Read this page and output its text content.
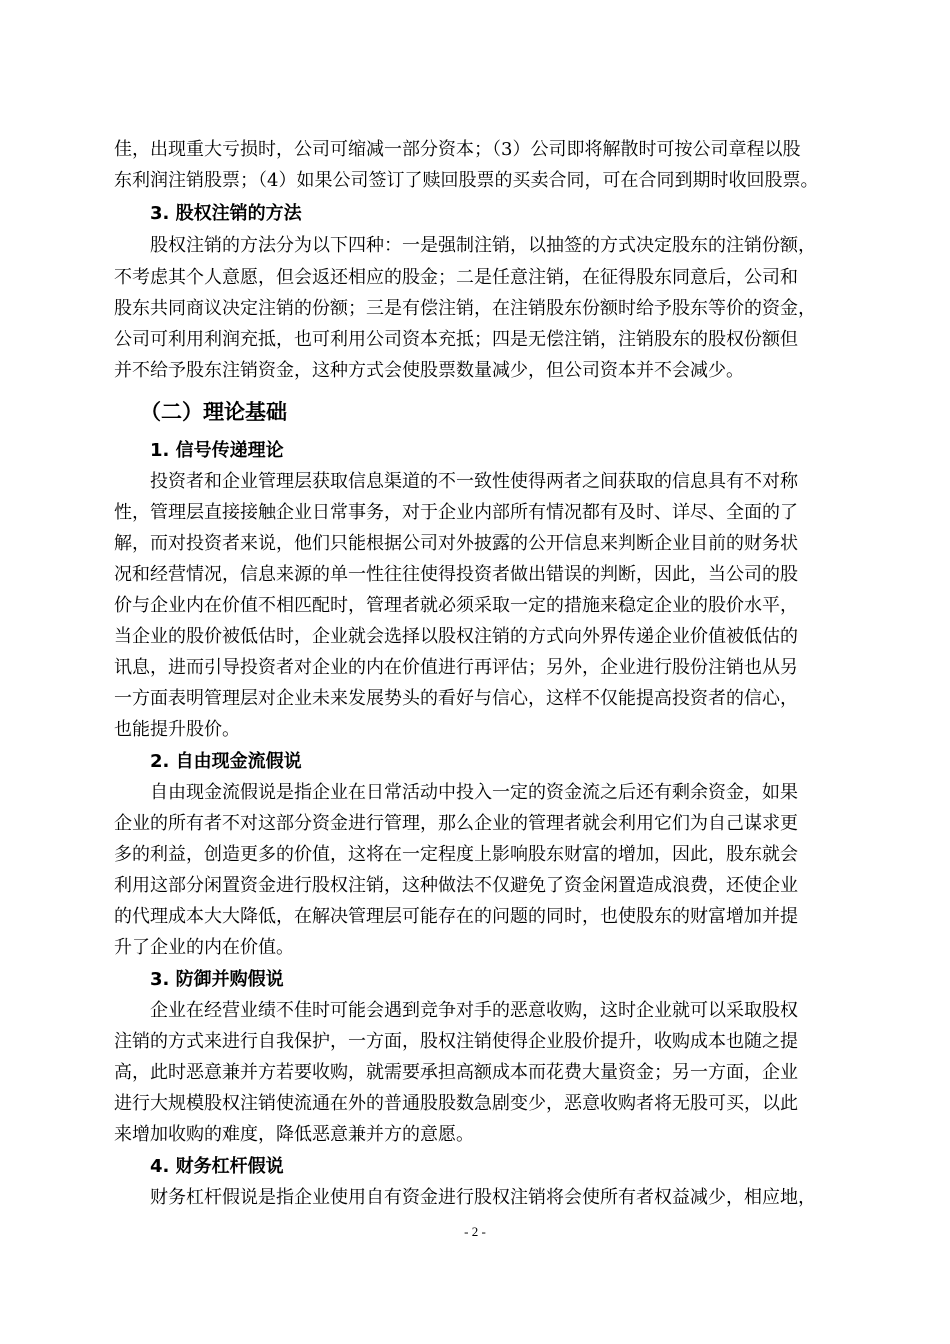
佳，出现重大亏损时，公司可缩减一部分资本；（3）公司即将解散时可按公司章程以股
东利润注销股票；（4）如果公司签订了赎回股票的买卖合同，可在合同到期时收回股票。
3. 股权注销的方法
股权注销的方法分为以下四种：一是强制注销，以抽签的方式决定股东的注销份额，
不考虑其个人意愿，但会返还相应的股金；二是任意注销，在征得股东同意后，公司和
股东共同商议决定注销的份额；三是有偿注销，在注销股东份额时给予股东等价的资金，
公司可利用利润充抵，也可利用公司资本充抵；四是无偿注销，注销股东的股权份额但
并不给予股东注销资金，这种方式会使股票数量减少，但公司资本并不会减少。
（二）理论基础
1. 信号传递理论
投资者和企业管理层获取信息渠道的不一致性使得两者之间获取的信息具有不对称
性，管理层直接接触企业日常事务，对于企业内部所有情况都有及时、详尽、全面的了
解，而对投资者来说，他们只能根据公司对外披露的公开信息来判断企业目前的财务状
况和经营情况，信息来源的单一性往往使得投资者做出错误的判断，因此，当公司的股
价与企业内在价值不相匹配时，管理者就必须采取一定的措施来稳定企业的股价水平，
当企业的股价被低估时，企业就会选择以股权注销的方式向外界传递企业价值被低估的
讯息，进而引导投资者对企业的内在价值进行再评估；另外，企业进行股份注销也从另
一方面表明管理层对企业未来发展势头的看好与信心，这样不仅能提高投资者的信心，
也能提升股价。
2. 自由现金流假说
自由现金流假说是指企业在日常活动中投入一定的资金流之后还有剩余资金，如果
企业的所有者不对这部分资金进行管理，那么企业的管理者就会利用它们为自己谋求更
多的利益，创造更多的价值，这将在一定程度上影响股东财富的增加，因此，股东就会
利用这部分闲置资金进行股权注销，这种做法不仅避免了资金闲置造成浪费，还使企业
的代理成本大大降低，在解决管理层可能存在的问题的同时，也使股东的财富增加并提
升了企业的内在价值。
3. 防御并购假说
企业在经营业绩不佳时可能会遇到竞争对手的恶意收购，这时企业就可以采取股权
注销的方式来进行自我保护，一方面，股权注销使得企业股价提升，收购成本也随之提
高，此时恶意兼并方若要收购，就需要承担高额成本而花费大量资金；另一方面，企业
进行大规模股权注销使流通在外的普通股股数急剧变少，恶意收购者将无股可买，以此
来增加收购的难度，降低恶意兼并方的意愿。
4. 财务杠杆假说
财务杠杆假说是指企业使用自有资金进行股权注销将会使所有者权益减少，相应地，
- 2 -
